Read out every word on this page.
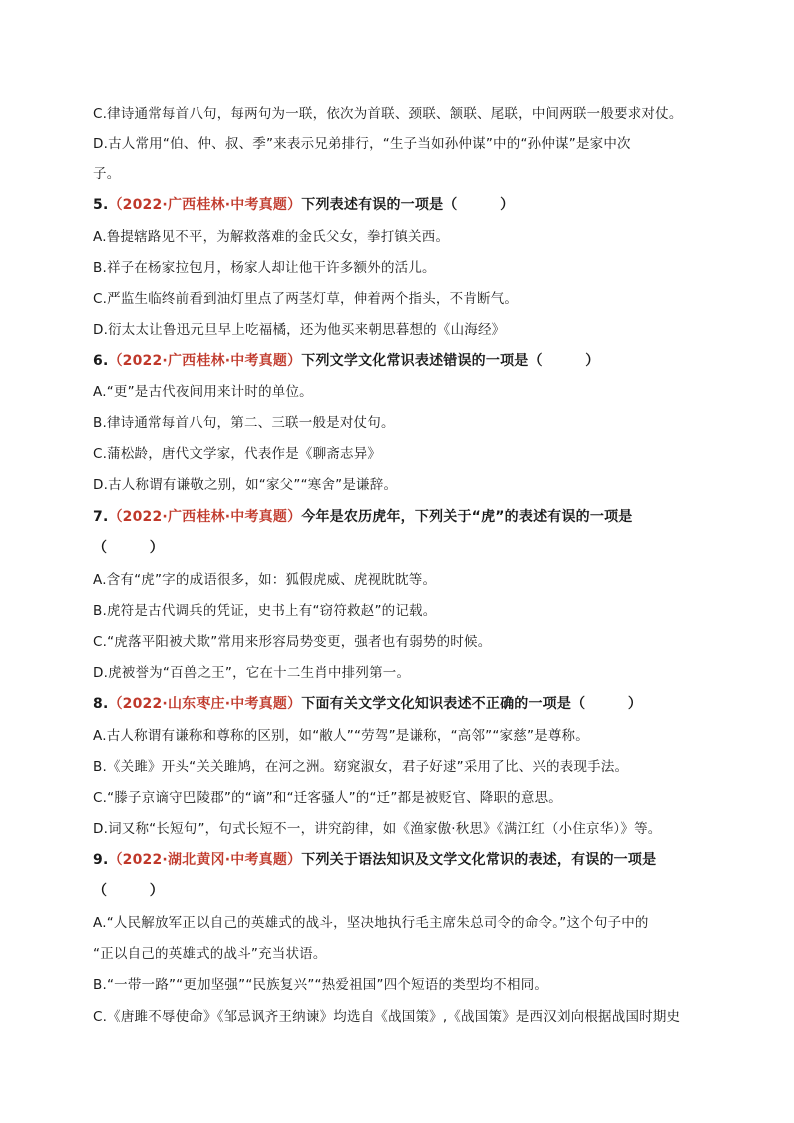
C.律诗通常每首八句，每两句为一联，依次为首联、颈联、颔联、尾联，中间两联一般要求对仗。
D.古人常用“伯、仲、叔、季”来表示兄弟排行，“生子当如孙仲谋”中的“孙仲谋”是家中次
子。
5.（2022·广西桂林·中考真题）下列表述有误的一项是（　　　）
A.鲁提辖路见不平，为解救落难的金氏父女，拳打镇关西。
B.祥子在杨家拉包月，杨家人却让他干许多额外的活儿。
C.严监生临终前看到油灯里点了两茎灯草，伸着两个指头，不肯断气。
D.衍太太让鲁迅元旦早上吃福橘，还为他买来朝思暮想的《山海经》
6.（2022·广西桂林·中考真题）下列文学文化常识表述错误的一项是（　　　）
A.“更”是古代夜间用来计时的单位。
B.律诗通常每首八句，第二、三联一般是对仗句。
C.蒲松龄，唐代文学家，代表作是《聊斋志异》
D.古人称谓有谦敬之别，如“家父”“寒舍”是谦辞。
7.（2022·广西桂林·中考真题）今年是农历虎年，下列关于“虎”的表述有误的一项是
（　　　）
A.含有“虎”字的成语很多，如：狐假虎威、虎视眈眈等。
B.虎符是古代调兵的凭证，史书上有“窃符救赵”的记载。
C.“虎落平阳被犬欺”常用来形容局势变更，强者也有弱势的时候。
D.虎被誉为“百兽之王”，它在十二生肖中排列第一。
8.（2022·山东枣庄·中考真题）下面有关文学文化知识表述不正确的一项是（　　　）
A.古人称谓有谦称和尊称的区别，如“敝人”“劳驾”是谦称，“高邻”“家慈”是尊称。
B.《关雎》开头“关关雎鸠，在河之洲。窈窕淑女，君子好逑”采用了比、兴的表现手法。
C.“滕子京谪守巴陵郡”的“谪”和“迁客骚人”的“迁”都是被贬官、降职的意思。
D.词又称“长短句”，句式长短不一，讲究韵律，如《渔家傲·秋思》《满江红（小住京华）》等。
9.（2022·湖北黄冈·中考真题）下列关于语法知识及文学文化常识的表述，有误的一项是
（　　　）
A.“人民解放军正以自己的英雄式的战斗，坚决地执行毛主席朱总司令的命令。”这个句子中的
“正以自己的英雄式的战斗”充当状语。
B.“一带一路”“更加坚强”“民族复兴”“热爱祖国”四个短语的类型均不相同。
C.《唐雎不辱使命》《邹忌讽齐王纳谏》均选自《战国策》,《战国策》是西汉刘向根据战国时期史
